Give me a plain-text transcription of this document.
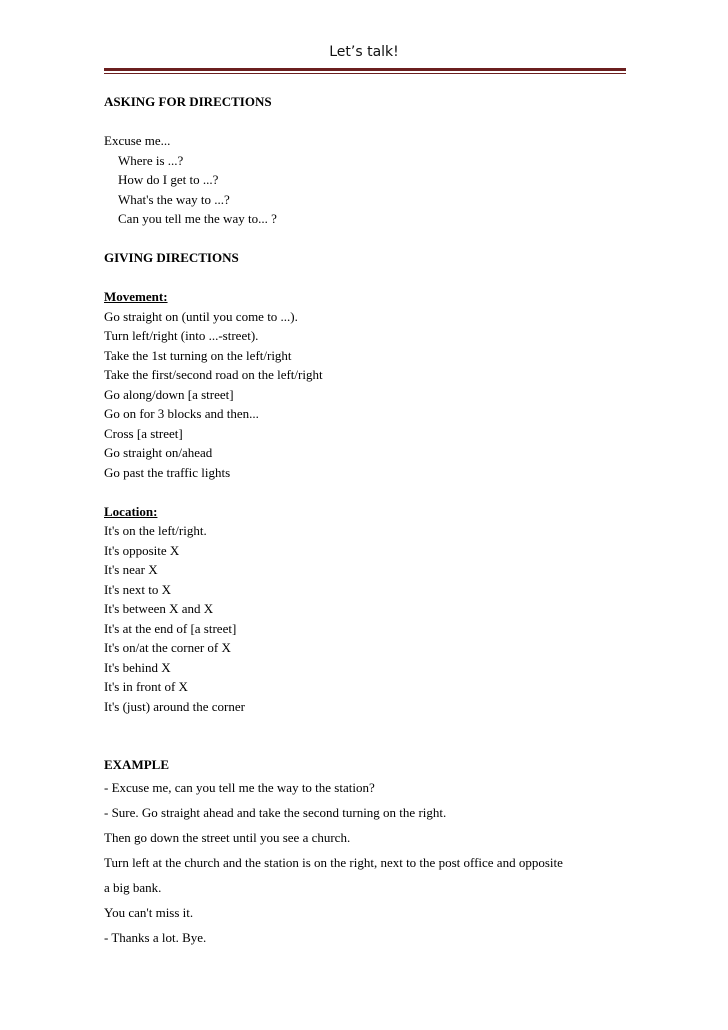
Let’s talk!
ASKING FOR DIRECTIONS
Excuse me...
Where is ...?
How do I get to ...?
What's the way to ...?
Can you tell me the way to... ?
GIVING DIRECTIONS
Movement:
Go straight on (until you come to ...).
Turn left/right (into ...-street).
Take the 1st turning on the left/right
Take the first/second road on the left/right
Go along/down [a street]
Go on for 3 blocks and then...
Cross [a street]
Go straight on/ahead
Go past the traffic lights
Location:
It's on the left/right.
It's opposite X
It's near X
It's next to X
It's between X and X
It's at the end of [a street]
It's on/at the corner of X
It's behind X
It's in front of X
It's (just) around the corner
EXAMPLE
- Excuse me, can you tell me the way to the station?
- Sure. Go straight ahead and take the second turning on the right.
Then go down the street until you see a church.
Turn left at the church and the station is on the right, next to the post office and opposite
a big bank.
You can't miss it.
- Thanks a lot. Bye.
